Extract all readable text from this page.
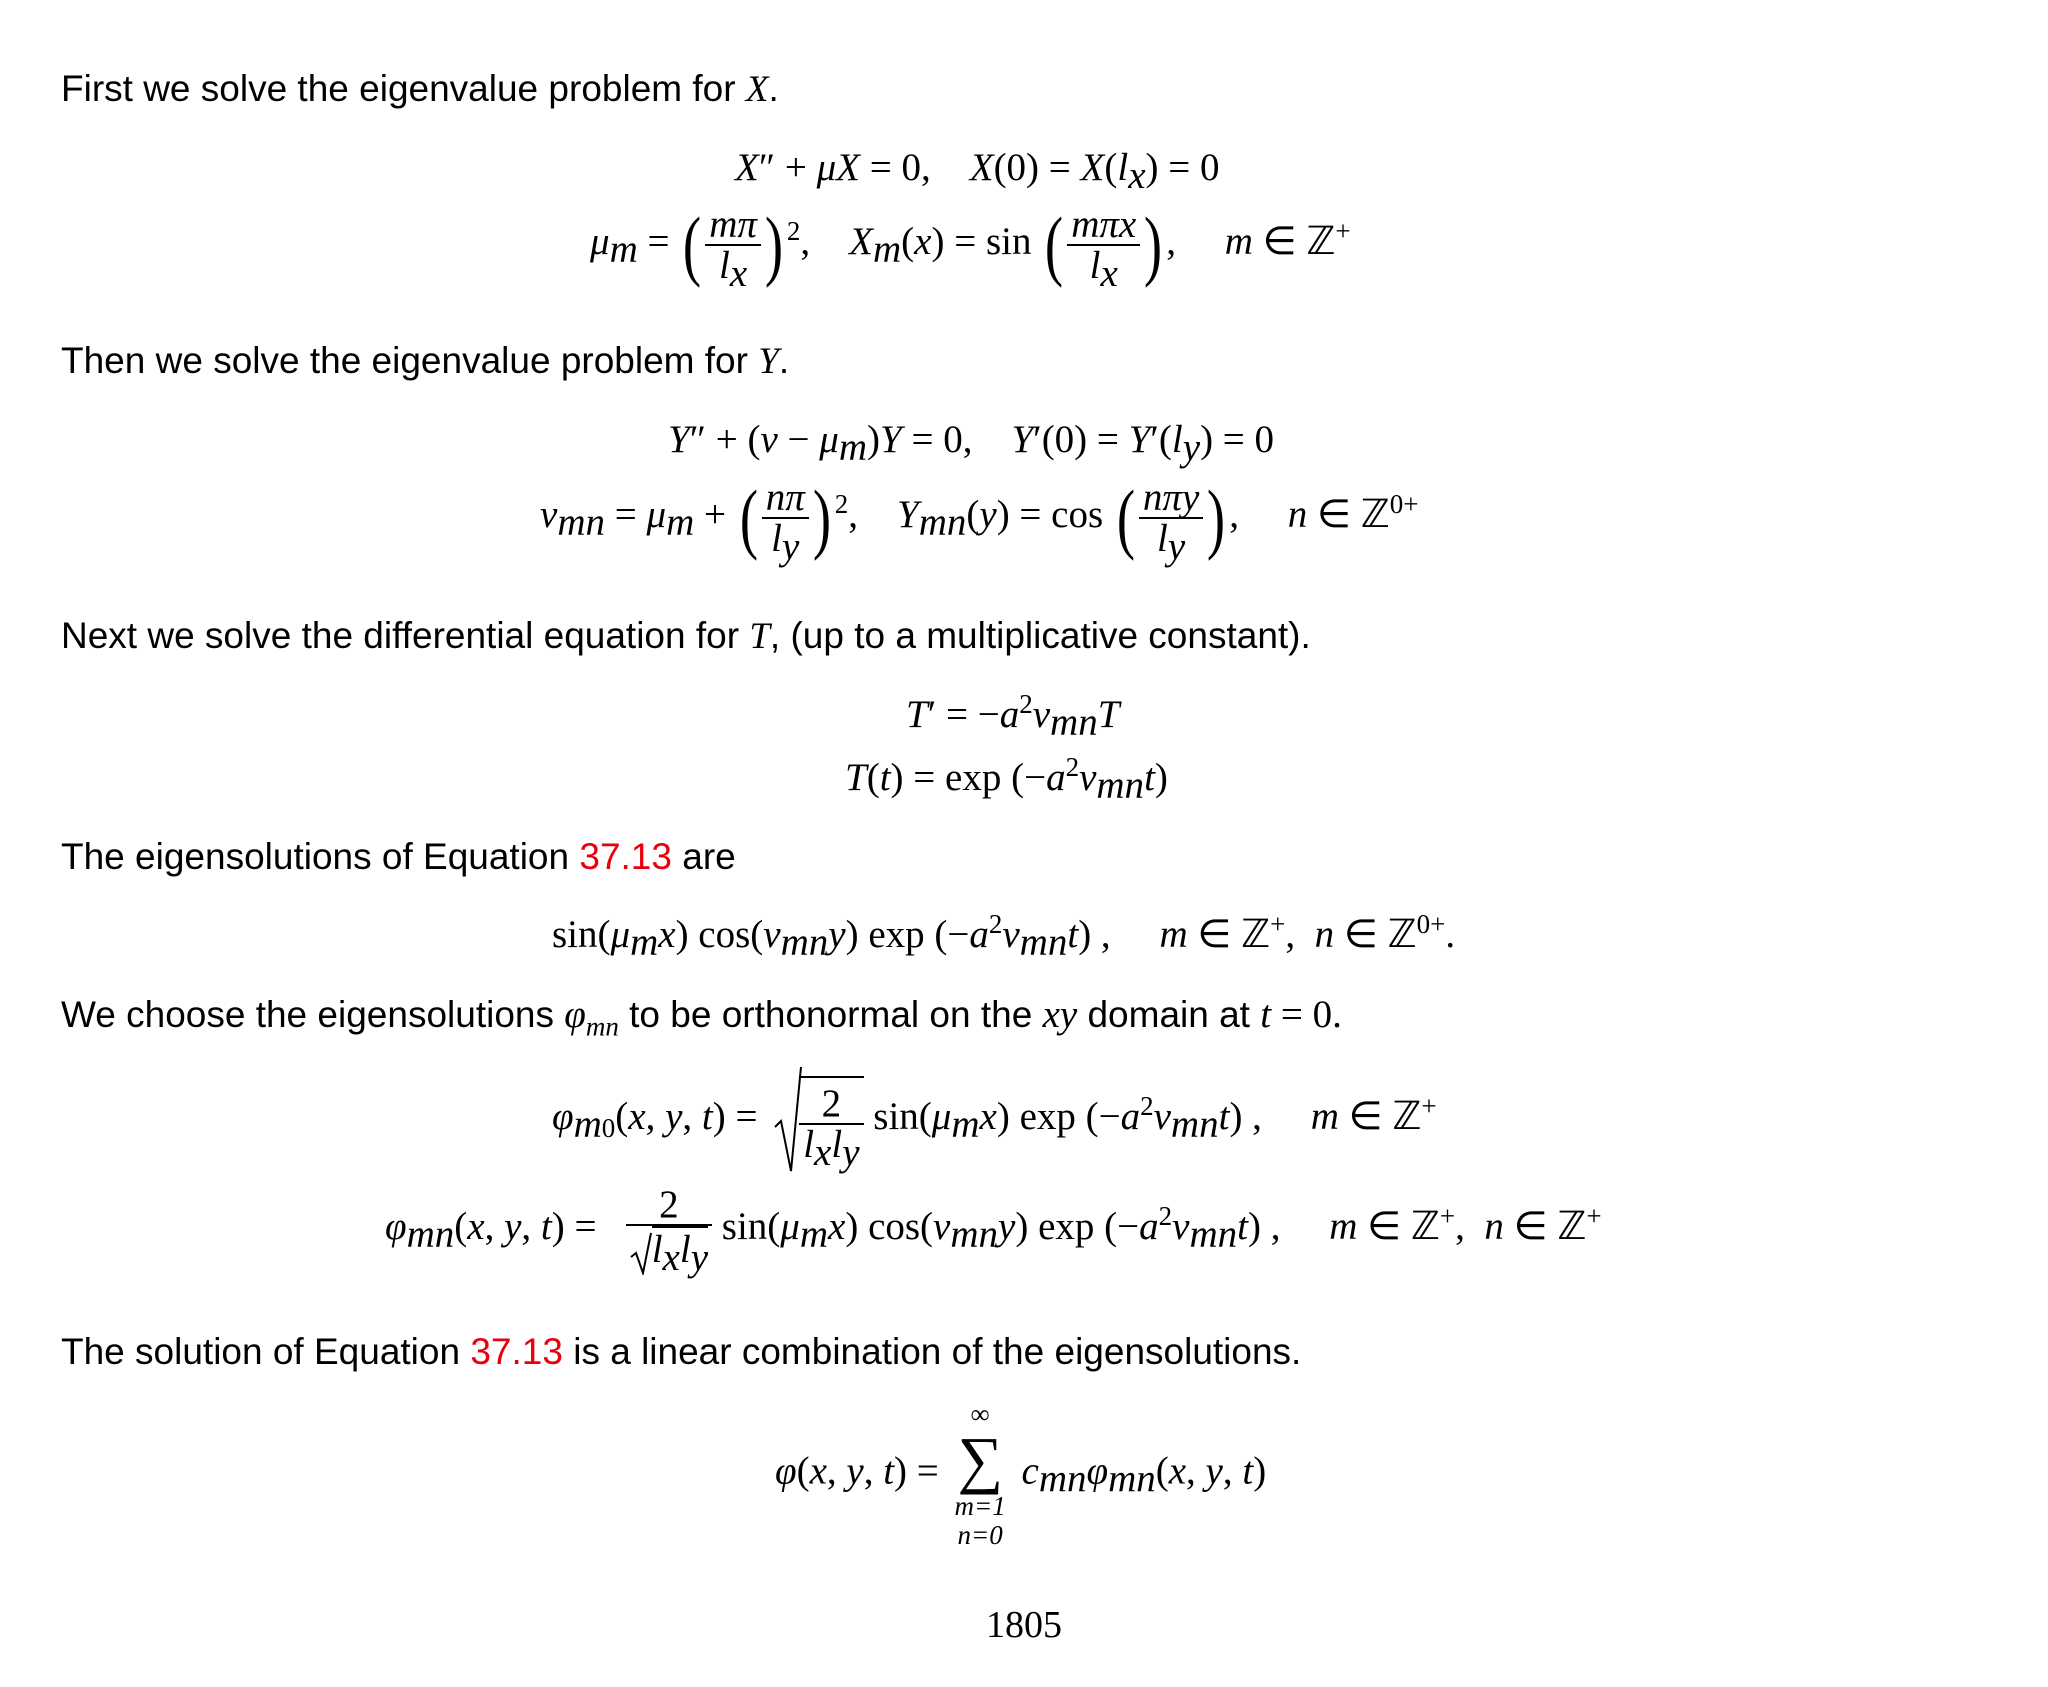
First we solve the eigenvalue problem for X.
X″ + μX = 0,    $X(0) = X(l_x) = 0$
$\mu_m$ = ( $\frac{m\pi}{l_x}$ ) $^2$,    $X_m(x) = \sin$ ( $\frac{\text{mπx}}{l_x}$ ),     m ∈ ℤ+
Then we solve the eigenvalue problem for Y.
$Y'' + (\nu - \mu_m)Y = 0$,    $Y'(0) = Y'(l_y) = 0$
$\nu_{mn} = \mu_m$ + ( $\frac{n\pi}{l_y}$ ) $^2$,    $Y_{mn}(y) = \cos$ ( $\frac{\text{nπy}}{l_y}$ ),     n ∈ ℤ$^{0+}$
Next we solve the differential equation for T, (up to a multiplicative constant).
$T' = -a^2\nu_{mn}T$
$T(t) = \exp (-a^2\nu_{mn}t)$
The eigensolutions of Equation 37.13 are
$\sin(\mu_mx)$ $\cos(\nu_{mn}y)$ $\exp (-a^2\nu_{mn}t)$ ,     m ∈ ℤ+,  n ∈ ℤ$^{0+}$.
We choose the eigensolutions $\varphi_{mn}$ to be orthonormal on the xy domain at t = 0.
$\varphi_{m0}(x$, y, $t) = \frac{2}{l_xl_y} \sin(\mu_mx)$ $\exp (-a^2\nu_{mn}t)$ ,     m ∈ ℤ+
$\varphi_{mn}(x$, y, $t) = \frac{2}{l_xl_y} \sin(\mu_mx)$ $\cos(\nu_{mn}y)$ $\exp (-a^2\nu_{mn}t)$ ,     m ∈ ℤ+,  n ∈ ℤ+
The solution of Equation 37.13 is a linear combination of the eigensolutions.
φ(x, y, t) =
∞
∑
m=1
n=0
$c_{mn}\varphi_{mn}(x$, y, t)
1805
